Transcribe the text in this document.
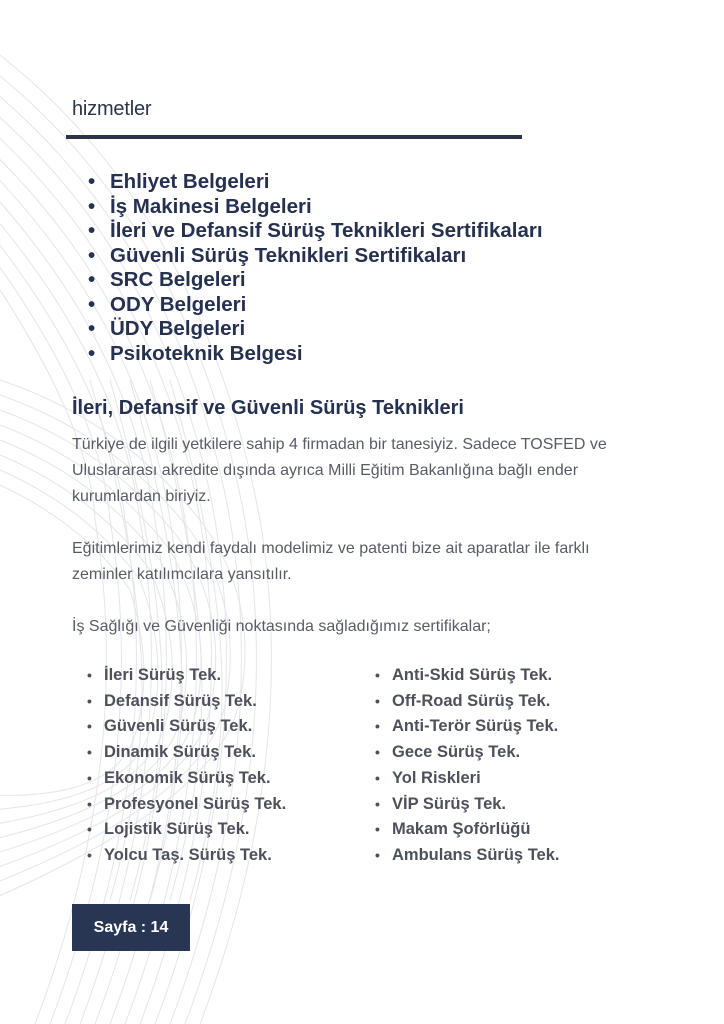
hizmetler
• Ehliyet Belgeleri
• İş Makinesi Belgeleri
• İleri ve Defansif Sürüş Teknikleri Sertifikaları
• Güvenli Sürüş Teknikleri Sertifikaları
• SRC Belgeleri
• ODY Belgeleri
• ÜDY Belgeleri
• Psikoteknik Belgesi
İleri, Defansif ve Güvenli Sürüş Teknikleri
Türkiye de ilgili yetkilere sahip 4 firmadan bir tanesiyiz. Sadece TOSFED ve Uluslararası akredite dışında ayrıca Milli Eğitim Bakanlığına bağlı ender kurumlardan biriyiz.
Eğitimlerimiz kendi faydalı modelimiz ve patenti bize ait aparatlar ile farklı zeminler katılımcılara yansıtılır.
İş Sağlığı ve Güvenliği noktasında sağladığımız sertifikalar;
• İleri Sürüş Tek.
• Defansif Sürüş Tek.
• Güvenli Sürüş Tek.
• Dinamik Sürüş Tek.
• Ekonomik Sürüş Tek.
• Profesyonel Sürüş Tek.
• Lojistik Sürüş Tek.
• Yolcu Taş. Sürüş Tek.
• Anti-Skid Sürüş Tek.
• Off-Road Sürüş Tek.
• Anti-Terör Sürüş Tek.
• Gece Sürüş Tek.
• Yol Riskleri
• VİP Sürüş Tek.
• Makam Şoförlüğü
• Ambulans Sürüş Tek.
Sayfa : 14
